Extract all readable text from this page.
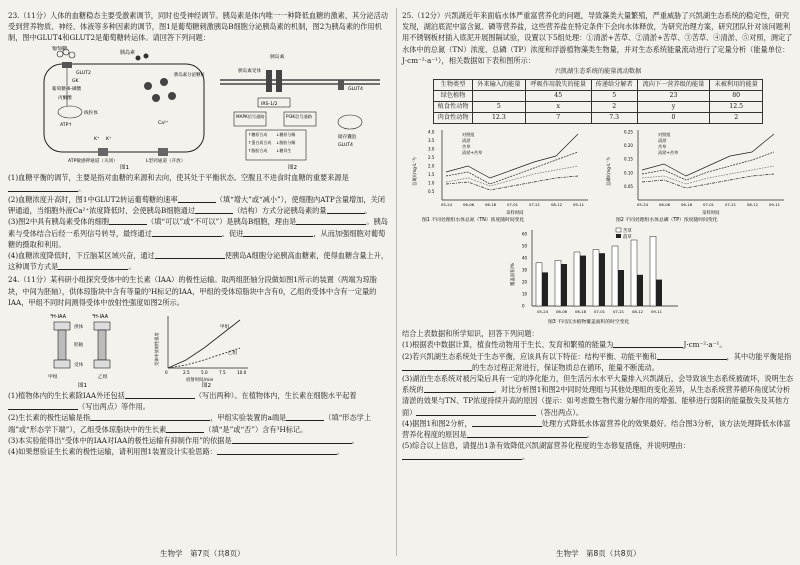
23.（11分）人体的血糖稳态主要受激素调节，同时也受神经调节。胰岛素是体内唯一一种降低血糖的激素，其分泌活动受到营养物质、神经、体液等多种因素的调节，图1是葡萄糖刺激胰岛B细胞分泌胰岛素的机制，图2为胰岛素的作用机制，图中GLUT4和GLUT2是葡萄糖转运体。请回答下列问题：

葡萄糖
胰岛素
GLUT2
GK
葡萄糖-6-磷酸
丙酮酸
线粒体
ATP↑
K⁺ K⁺
Ca²⁺
胰岛素分泌颗粒
ATP敏感钾通道（关闭）	L型钙通道（开放）
图1
胰岛素
胰岛素受体
IRS-1/2
MAPK信号通路	PI3K信号通路
GLUT4
储存囊泡
GLUT4
↑糖原合成 ↓糖原分解
↑蛋白质合成 ↓脂肪分解
↑脂肪合成 ↓糖异生
图2

(1)血糖平衡的调节，主要是指对血糖的来源和去向，使其处于平衡状态。空腹且不进食时血糖的重要来源是。

(2)血糖浓度升高时，图1中GLUT2转运葡萄糖的速率	（填“增大”或“减小”），使细胞内ATP含量增加，关闭钾通道，当细胞外液Ca²⁺浓度降低时，会使胰岛B细胞通过	（结构）方式分泌胰岛素的量	。

(3)图2中具有胰岛素受体的细胞	（填“可以”或“不可以”）是胰岛B细胞，理由是	。胰岛素与受体结合后经一系列信号转导，最终通过	、促进	，从而加强细胞对葡萄糖的摄取和利用。

(4)血糖浓度降低时，下丘脑某区域兴奋，通过	使胰岛A细胞分泌胰高血糖素，使得血糖含量上升，这种调节方式是	。

24.（11分）某科研小组探究受体中的生长素（IAA）的极性运输。取两组胚轴分段做如图1所示的装置（两端为琼脂块，中间为胚轴），供体琼脂块中含有等量的³H标记的IAA，甲组的受体琼脂块中含有0，乙组的受体中含有一定量的IAA，甲组不同时间测得受体中放射性强度如图2所示。

³H-IAA	³H-IAA
供体
胚轴
受体
甲组	乙组
图1
0	2.5	5.0	7.5	10.0
甲组
乙组
受体中放射性强度
放射时间/min
图2

(1)植物体内的生长素除IAA外还包括	（写出两种）。在植物体内，生长素在细胞水平起着（写出两点）等作用。

(2)生长素的极性运输是指	，甲组实验装置的a端是	（填“形态学上端”或“形态学下端”），乙组受体琼脂块中的生长素	（填“是”或“否”）含有³H标记。

(3)本实验能得出“受体中的IAA对IAA的极性运输有抑制作用”的依据是	。

(4)如果想验证生长素的极性运输，请利用图1装置设计实验思路：	。

25.（12分）兴凯湖近年来面临水体严重富营养化的问题，导致藻类大量繁殖，严重威胁了兴凯湖生态系统的稳定性，研究发现，湖泊底泥中富含氮、磷等营养盐，这些营养盐在特定条件下会向水体释放，为研究治理方案，研究团队针对该问题利用不锈钢板材插入底泥开展围隔试验，设置以下5组处理：①清淤+苦草、②清淤+苦草、③苦草、④清淤、⑤对照，测定了水体中的总氮（TN）浓度、总磷（TP）浓度和浮游植物藻类生物量，并对生态系统能量流动进行了定量分析（能量单位：J·cm⁻²·a⁻¹），相关数据如下表和图所示：

兴凯湖生态系统的能量流动数据
生物类型	外来输入的能量	呼吸作用散失的能量	传递给分解者	流向下一营养级的能量	未被利用的能量
绿色植物		45	5	23	80
植食性动物	5	x	2	y	12.5
肉食性动物	12.3	7	7.3	0	2
总氮/(mg·L⁻¹)
0.5
1.0
1.5
2.0
2.5
3.0
3.5
4.0
05-24	06-06	06-18	07-01	07-21	08-12	09-11
对照组
清淤
苦草
清淤+苦草
采样时间
图1 不同处理组水体总氮（TN）浓度随时间变化
总磷/(mg·L⁻¹)
0.05
0.10
0.15
0.20
0.25
05-24	06-06	06-18	07-01	07-21	08-12	09-11
对照组
清淤
苦草
清淤+苦草
采样时间
图2 不同处理组水体总磷（TP）浓度随时间变化
覆盖面积/%
0
10
20
30
40
50
60
05-24 06-06 06-18 07-01 07-21 08-12 09-11
苦草
菹草
图3 不同沉水植物覆盖面积的时空变化

结合上表数据和所学知识，回答下列问题：

(1)根据表中数据计算，植食性动物用于生长、发育和繁殖的能量为	J·cm⁻²·a⁻¹。

(2)若兴凯湖生态系统处于生态平衡，应该具有以下特征：结构平衡、功能平衡和	，其中功能平衡是指的生态过程正常进行，保证物质总在循环，能量不断流动。

(3)湖泊生态系统对被污染后具有一定的净化能力，但生活污水水平大量排入兴凯湖后，会导致该生态系统被破坏，说明生态系统的	。对比分析图1和图2中同时处理组与其他处理组的变化差异，从生态系统营养循环角度试分析清淤的效果与TN、TP浓度持续升高的原因（提示：如考虑微生物代谢分解作用的增强、能够进行弱阳的能量散失及其他方面）	（答出两点）。

(4)据图1和图2分析，	处理方式降低水体富营养化的效果最好。结合图3分析，该方法处理降低水体富营养化程度的原因是	。

(5)综合以上信息，请提出1条有效降低兴凯湖富营养化程度的生态修复措施，并说明理由：。

生物学　第7页（共8页）	生物学　第8页（共8页）
